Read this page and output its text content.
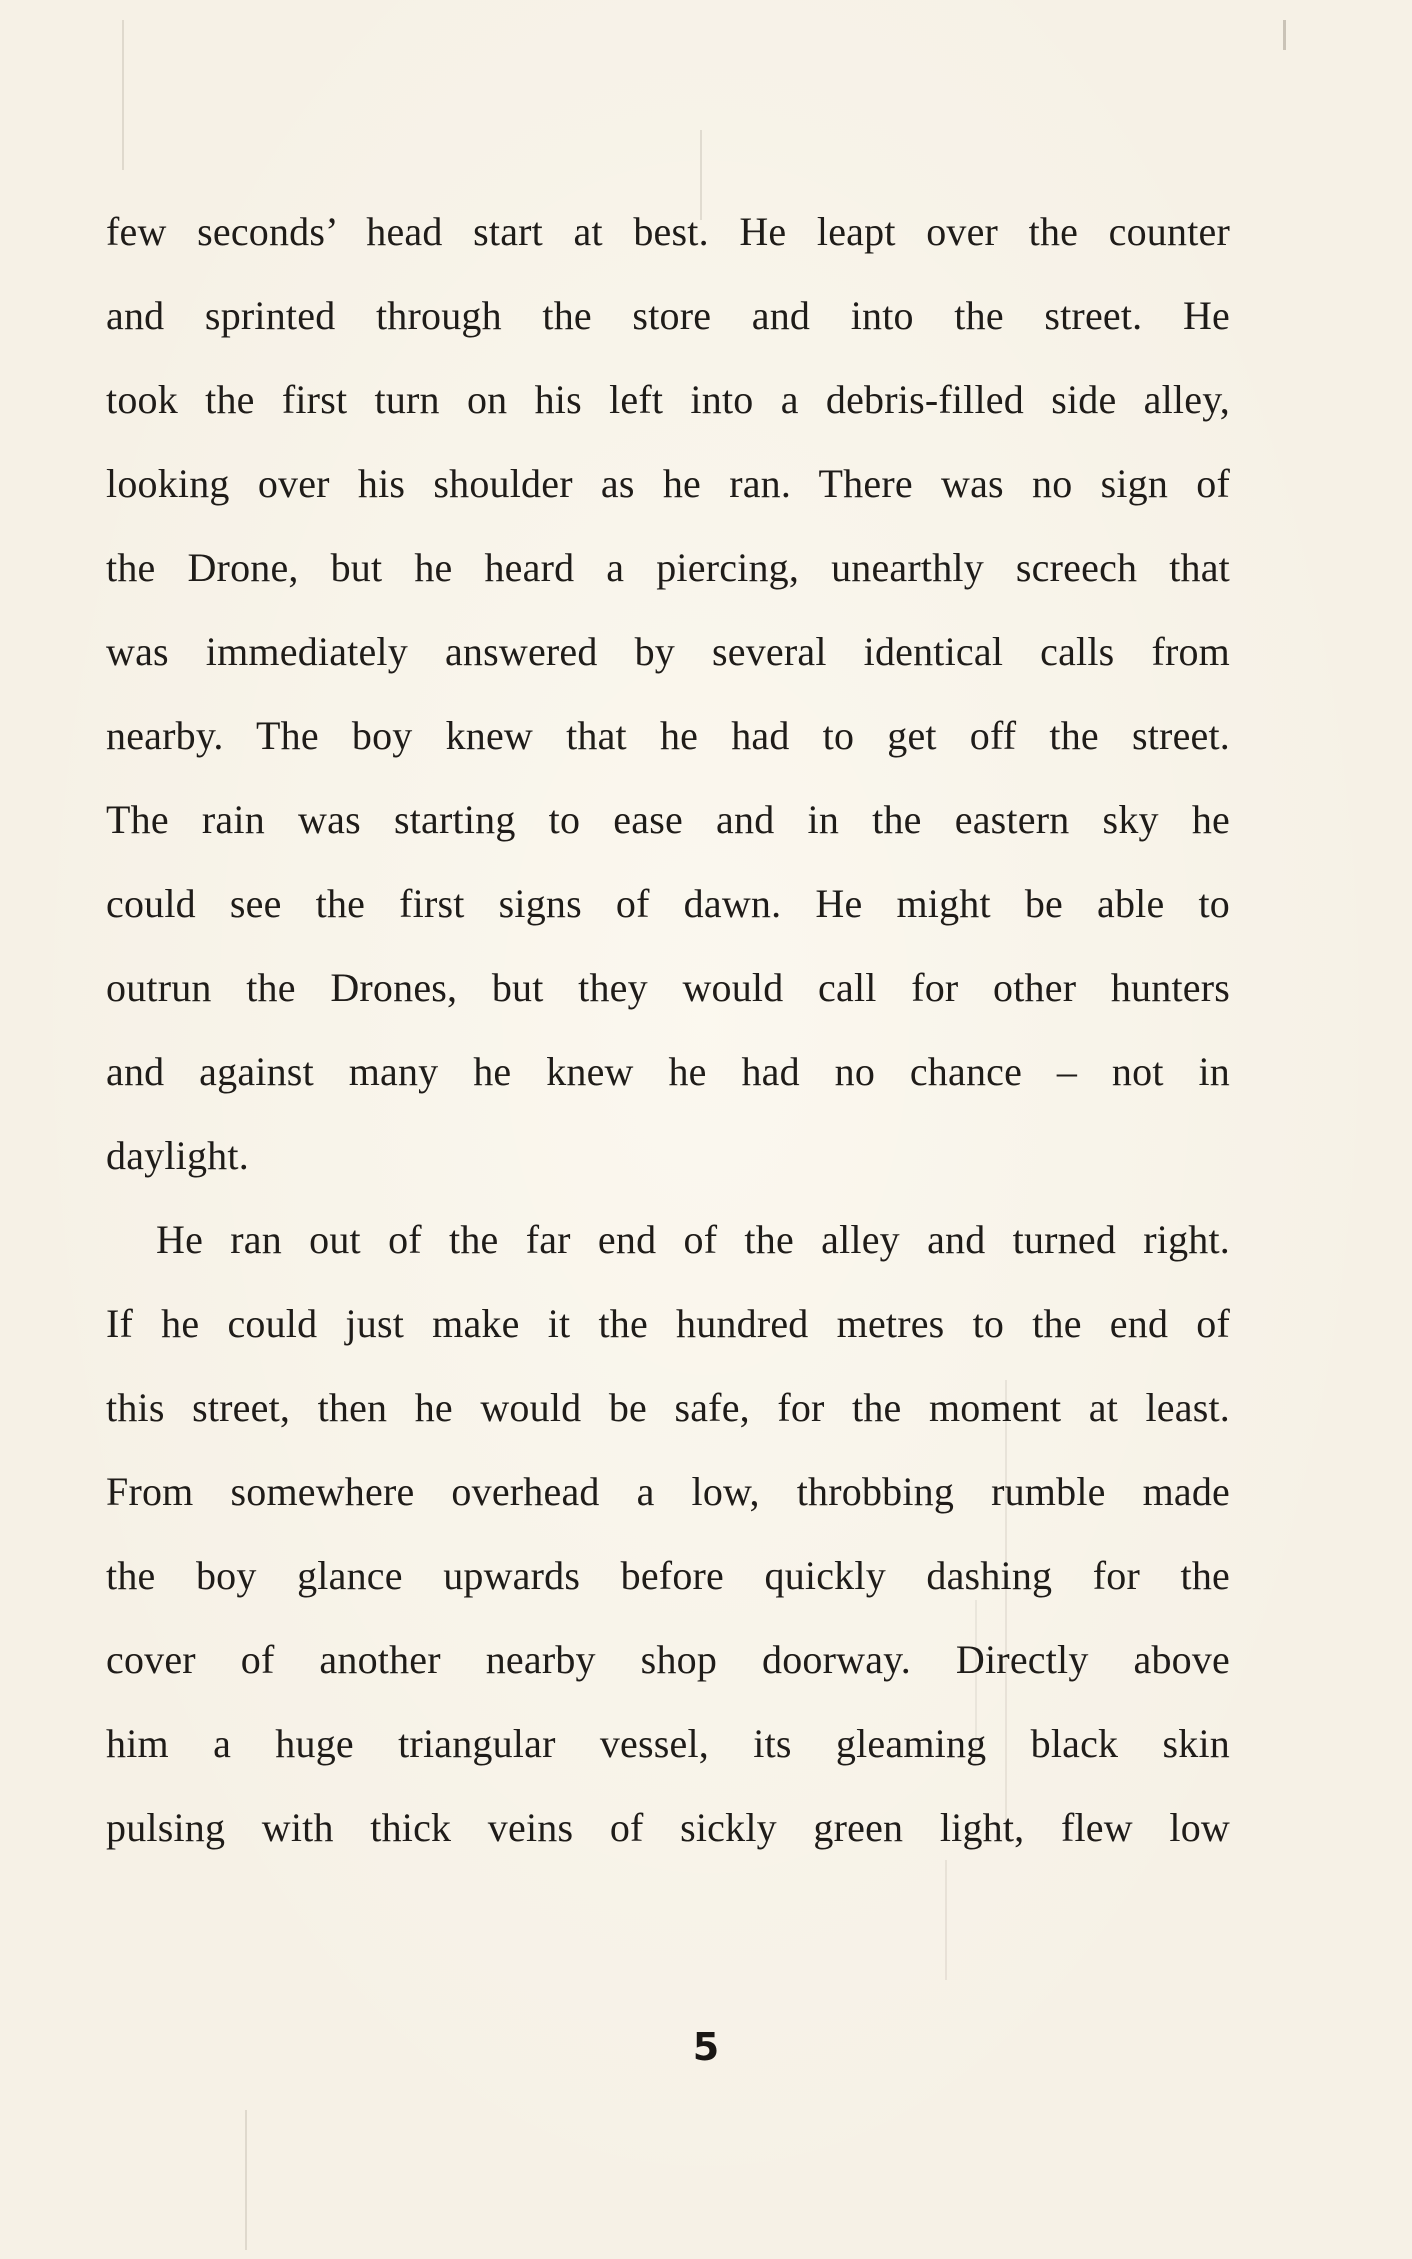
few seconds’ head start at best. He leapt over the counter
and sprinted through the store and into the street. He
took the first turn on his left into a debris-filled side alley,
looking over his shoulder as he ran. There was no sign of
the Drone, but he heard a piercing, unearthly screech that
was immediately answered by several identical calls from
nearby. The boy knew that he had to get off the street.
The rain was starting to ease and in the eastern sky he
could see the first signs of dawn. He might be able to
outrun the Drones, but they would call for other hunters
and against many he knew he had no chance – not in
daylight.
He ran out of the far end of the alley and turned right.
If he could just make it the hundred metres to the end of
this street, then he would be safe, for the moment at least.
From somewhere overhead a low, throbbing rumble made
the boy glance upwards before quickly dashing for the
cover of another nearby shop doorway. Directly above
him a huge triangular vessel, its gleaming black skin
pulsing with thick veins of sickly green light, flew low
5
